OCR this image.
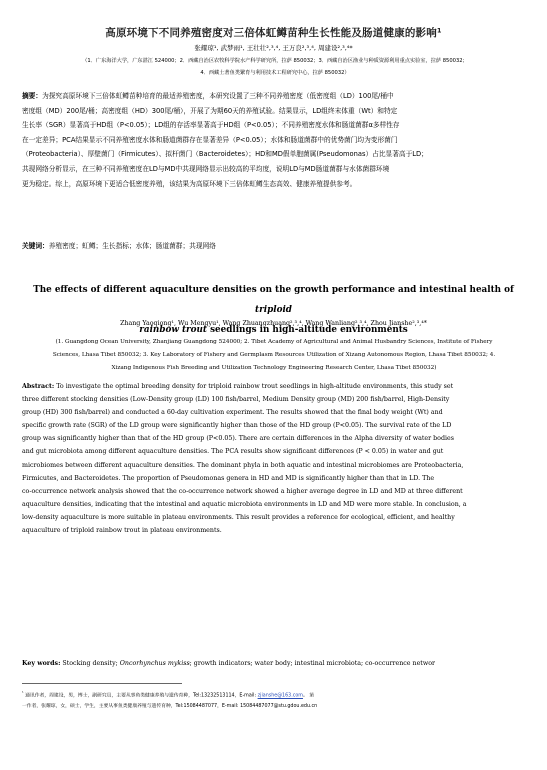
高原环境下不同养殖密度对三倍体虹鳟苗种生长性能及肠道健康的影响¹
张耀琼¹, 武梦雨¹, 王壮壮²,³,⁴, 王万良²,³,⁴, 周建设²,³,⁴*
（1．广东海洋大学，广东湛江 524000；2．西藏自治区农牧科学院水产科学研究所，拉萨 850032；3．西藏自治区渔业与种质资源利用重点实验室，拉萨 850032；
4．西藏土著鱼类繁育与利用技术工程研究中心，拉萨 850032）
摘要：为探究高原环境下三倍体虹鳟苗种培育的最适养殖密度，本研究设置了三种不同养殖密度（低密度组（LD）100尾/桶中
密度组（MD）200尾/桶；高密度组（HD）300尾/桶），开展了为期60天的养殖试验。结果显示，LD组终末体重（Wt）和特定
生长率（SGR）显著高于HD组（P<0.05）；LD组的存活率显著高于HD组（P<0.05）；不同养殖密度水体和肠道菌群α多样性存
在一定差异；PCA结果显示不同养殖密度水体和肠道菌群存在显著差异（P<0.05）；水体和肠道菌群中的优势菌门均为变形菌门
（Proteobacteria）、厚壁菌门（Firmicutes）、拟杆菌门（Bacteroidetes）；HD和MD假单胞菌属(Pseudomonas）占比显著高于LD；
共现网络分析显示，在三种不同养殖密度在LD与MD中共现网络显示出较高的平均度，说明LD与MD肠道菌群与水体菌群环境
更为稳定。综上，高原环境下更适合低密度养殖，该结果为高原环境下三倍体虹鳟生态高效、健康养殖提供参考。
关键词：养殖密度；虹鳟；生长指标；水体；肠道菌群；共现网络
The effects of different aquaculture densities on the growth performance and intestinal health of triploid
rainbow trout seedlings in high-altitude environments
Zhang Yaoqiong¹, Wu Mengyu¹, Wang Zhuangzhuang²,³,⁴, Wang Wanliang²,³,⁴, Zhou Jianshe²,³,⁴*
(1. Guangdong Ocean University, Zhanjiang Guangdong 524000; 2. Tibet Academy of Agricultural and Animal Husbandry Sciences, Institute of Fishery
Sciences, Lhasa Tibet 850032; 3. Key Laboratory of Fishery and Germplasm Resources Utilization of Xizang Autonomous Region, Lhasa Tibet 850032; 4.
Xizang Indigenous Fish Breeding and Utilization Technology Engineering Research Center, Lhasa Tibet 850032)
Abstract: To investigate the optimal breeding density for triploid rainbow trout seedlings in high-altitude environments, this study set
three different stocking densities (Low-Density group (LD) 100 fish/barrel, Medium Density group (MD) 200 fish/barrel, High-Density
group (HD) 300 fish/barrel) and conducted a 60-day cultivation experiment. The results showed that the final body weight (Wt) and
specific growth rate (SGR) of the LD group were significantly higher than those of the HD group (P<0.05). The survival rate of the LD
group was significantly higher than that of the HD group (P<0.05). There are certain differences in the Alpha diversity of water bodies
and gut microbiota among different aquaculture densities. The PCA results show significant differences (P < 0.05) in water and gut
microbiomes between different aquaculture densities. The dominant phyla in both aquatic and intestinal microbiomes are Proteobacteria,
Firmicutes, and Bacteroidetes. The proportion of Pseudomonas genera in HD and MD is significantly higher than that in LD. The
co-occurrence network analysis showed that the co-occurrence network showed a higher average degree in LD and MD at three different
aquaculture densities, indicating that the intestinal and aquatic microbiota environments in LD and MD were more stable. In conclusion, a
low-density aquaculture is more suitable in plateau environments. This result provides a reference for ecological, efficient, and healthy
aquaculture of triploid rainbow trout in plateau environments.
Key words: Stocking density; Oncorhynchus mykiss; growth indicators; water body; intestinal microbiota; co-occurrence networ
$^{^1}$ 通讯作者，周建设，男，博士，副研究员，主要从事鱼类健康养殖与遗传育种，Tel:13232513114，E-mail: zjianshe@163.com。 第
一作者，张耀琼，女，硕士，学生，主要从事鱼类健康养殖与遗传育种，Tel:15084487077，E-mail: 15084487077@stu.gdou.edu.cn
